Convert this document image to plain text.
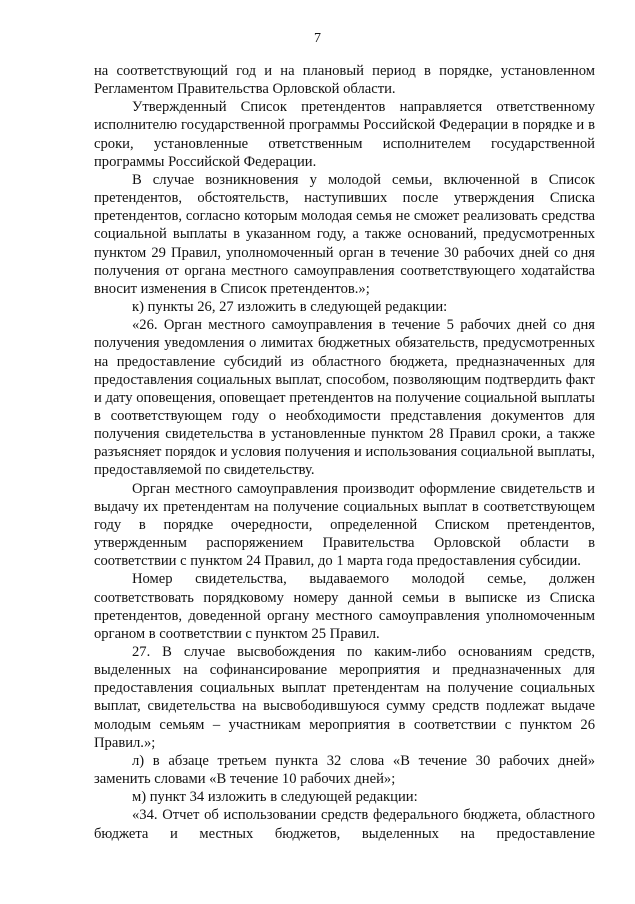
7

на соответствующий год и на плановый период в порядке, установленном Регламентом Правительства Орловской области.

Утвержденный Список претендентов направляется ответственному исполнителю государственной программы Российской Федерации в порядке и в сроки, установленные ответственным исполнителем государственной программы Российской Федерации.

В случае возникновения у молодой семьи, включенной в Список претендентов, обстоятельств, наступивших после утверждения Списка претендентов, согласно которым молодая семья не сможет реализовать средства социальной выплаты в указанном году, а также оснований, предусмотренных пунктом 29 Правил, уполномоченный орган в течение 30 рабочих дней со дня получения от органа местного самоуправления соответствующего ходатайства вносит изменения в Список претендентов.»;

к) пункты 26, 27 изложить в следующей редакции:

«26. Орган местного самоуправления в течение 5 рабочих дней со дня получения уведомления о лимитах бюджетных обязательств, предусмотренных на предоставление субсидий из областного бюджета, предназначенных для предоставления социальных выплат, способом, позволяющим подтвердить факт и дату оповещения, оповещает претендентов на получение социальной выплаты в соответствующем году о необходимости представления документов для получения свидетельства в установленные пунктом 28 Правил сроки, а также разъясняет порядок и условия получения и использования социальной выплаты, предоставляемой по свидетельству.

Орган местного самоуправления производит оформление свидетельств и выдачу их претендентам на получение социальных выплат в соответствующем году в порядке очередности, определенной Списком претендентов, утвержденным распоряжением Правительства Орловской области в соответствии с пунктом 24 Правил, до 1 марта года предоставления субсидии.

Номер свидетельства, выдаваемого молодой семье, должен соответствовать порядковому номеру данной семьи в выписке из Списка претендентов, доведенной органу местного самоуправления уполномоченным органом в соответствии с пунктом 25 Правил.

27. В случае высвобождения по каким-либо основаниям средств, выделенных на софинансирование мероприятия и предназначенных для предоставления социальных выплат претендентам на получение социальных выплат, свидетельства на высвободившуюся сумму средств подлежат выдаче молодым семьям – участникам мероприятия в соответствии с пунктом 26 Правил.»;

л) в абзаце третьем пункта 32 слова «В течение 30 рабочих дней» заменить словами «В течение 10 рабочих дней»;

м) пункт 34 изложить в следующей редакции:

«34. Отчет об использовании средств федерального бюджета, областного бюджета и местных бюджетов, выделенных на предоставление
